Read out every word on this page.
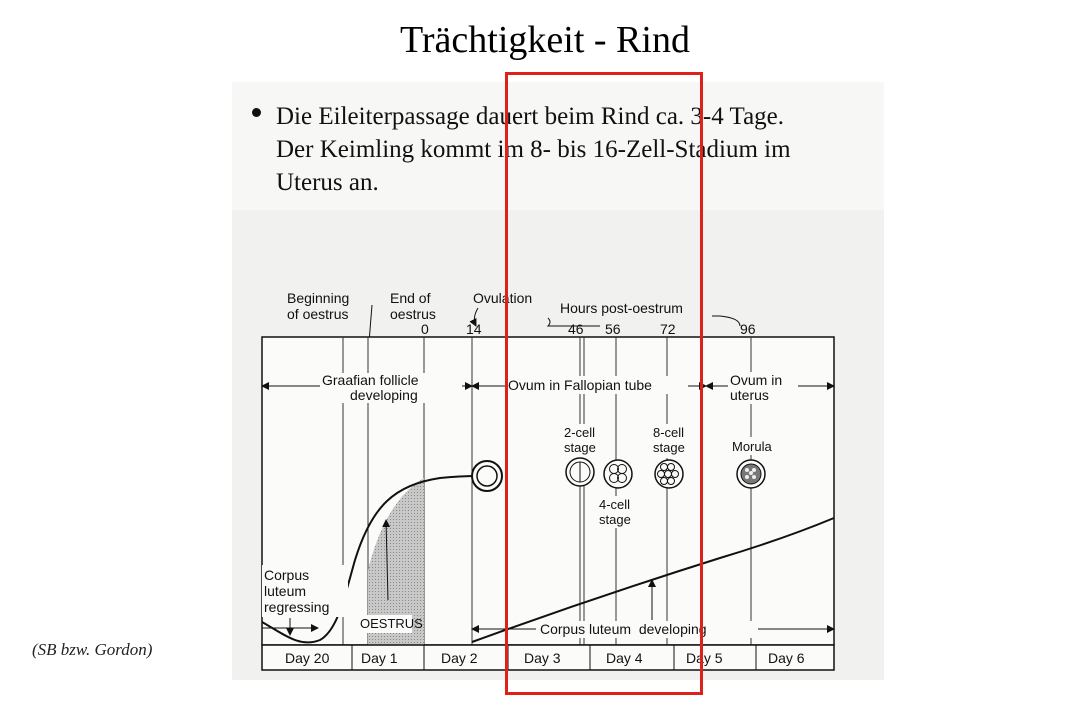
Trächtigkeit - Rind
Die Eileiterpassage dauert beim Rind ca. 3-4 Tage.
Der Keimling kommt im 8- bis 16-Zell-Stadium im
Uterus an.
(SB bzw. Gordon)
Beginning
of oestrus
End of
oestrus
Ovulation
Hours post-oestrum
0	14	46 56	72	96
Graafian follicle
developing
Ovum in Fallopian tube	Ovum in
uterus
2-cell
stage
4-cell
stage
8-cell
stage	Morula
Corpus
luteum
regressing
OESTRUS	Corpus luteum  developing
Day 20 Day 1	Day 2	Day 3	Day 4	Day 5	Day 6
